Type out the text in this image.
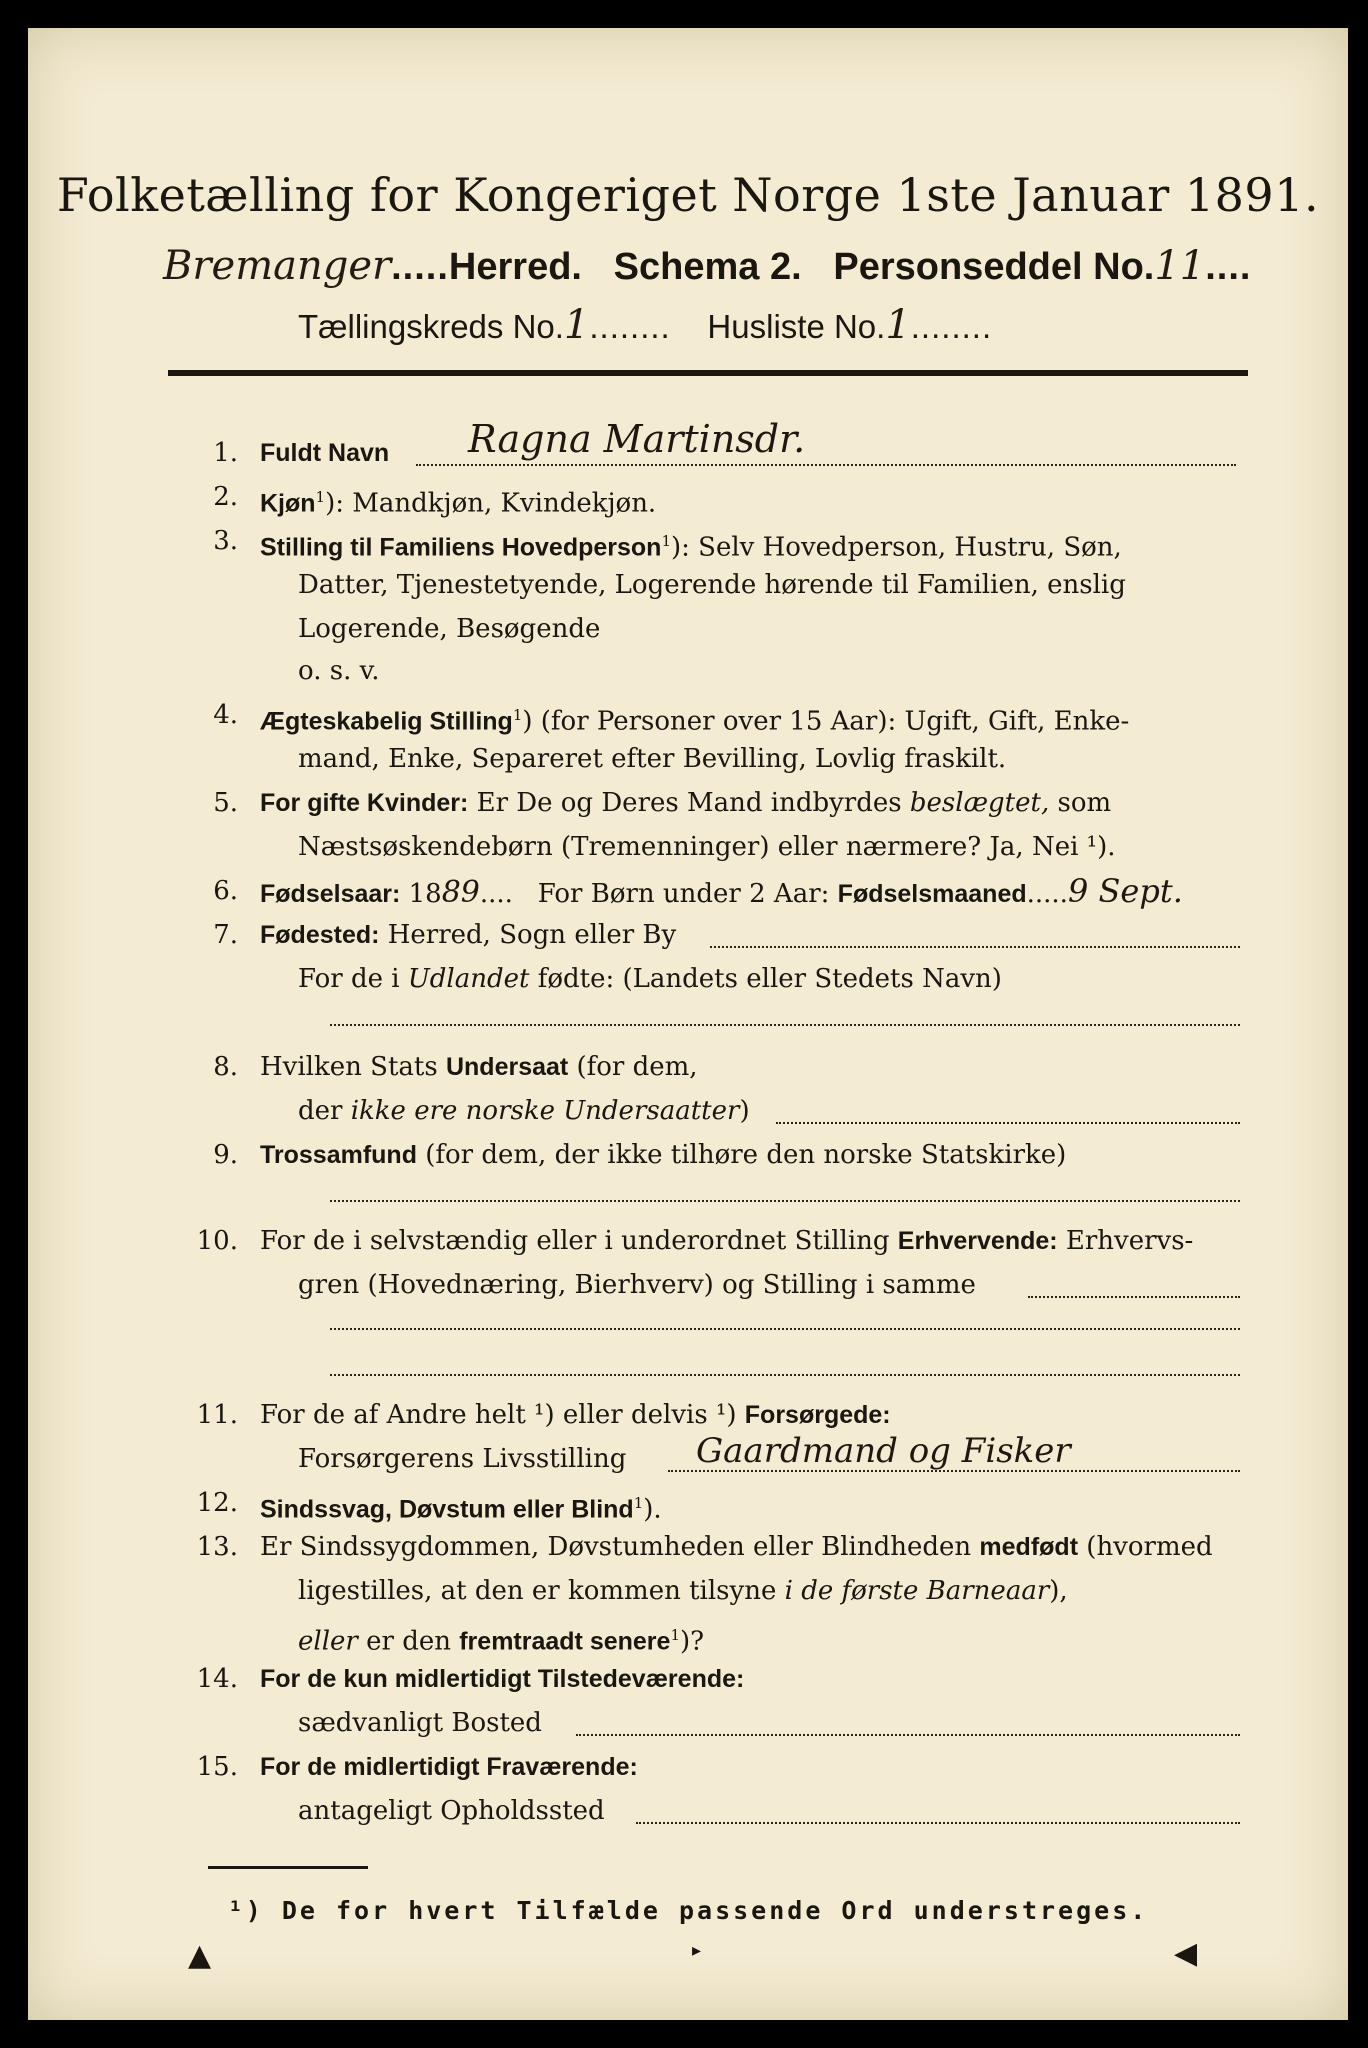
Folketælling for Kongeriget Norge 1ste Januar 1891.
Bremanger.....Herred. Schema 2. Personseddel No.11....
Tællingskreds No.1........ Husliste No.1........
1. Fuldt Navn Ragna Martinsdr.
2. Kjøn$^1$): Mandkjøn, Kvindekjøn.
3. Stilling til Familiens Hovedperson$^1$): Selv Hovedperson, Hustru, Søn,
Datter, Tjenestetyende, Logerende hørende til Familien, enslig
Logerende, Besøgende
o. s. v.
4. Ægteskabelig Stilling$^1$) (for Personer over 15 Aar): Ugift, Gift, Enke-
mand, Enke, Separeret efter Bevilling, Lovlig fraskilt.
5. For gifte Kvinder: Er De og Deres Mand indbyrdes beslægtet, som
Næstsøskendebørn (Tremenninger) eller nærmere? Ja, Nei ¹).
6. Fødselsaar: 1889.... For Børn under 2 Aar: Fødselsmaaned.....9 Sept.
7. Fødested: Herred, Sogn eller By
For de i Udlandet fødte: (Landets eller Stedets Navn)
8. Hvilken Stats Undersaat (for dem,
der ikke ere norske Undersaatter)
9. Trossamfund (for dem, der ikke tilhøre den norske Statskirke)
10. For de i selvstændig eller i underordnet Stilling Erhvervende: Erhvervs-
gren (Hovednæring, Bierhverv) og Stilling i samme
11. For de af Andre helt ¹) eller delvis ¹) Forsørgede:
Forsørgerens Livsstilling Gaardmand og Fisker
12. Sindssvag, Døvstum eller Blind$^1$).
13. Er Sindssygdommen, Døvstumheden eller Blindheden medfødt (hvormed
ligestilles, at den er kommen tilsyne i de første Barneaar),
eller er den fremtraadt senere$^1$)?
14. For de kun midlertidigt Tilstedeværende:
sædvanligt Bosted
15. For de midlertidigt Fraværende:
antageligt Opholdssted
¹) De for hvert Tilfælde passende Ord understreges.
▲	▸	◀
